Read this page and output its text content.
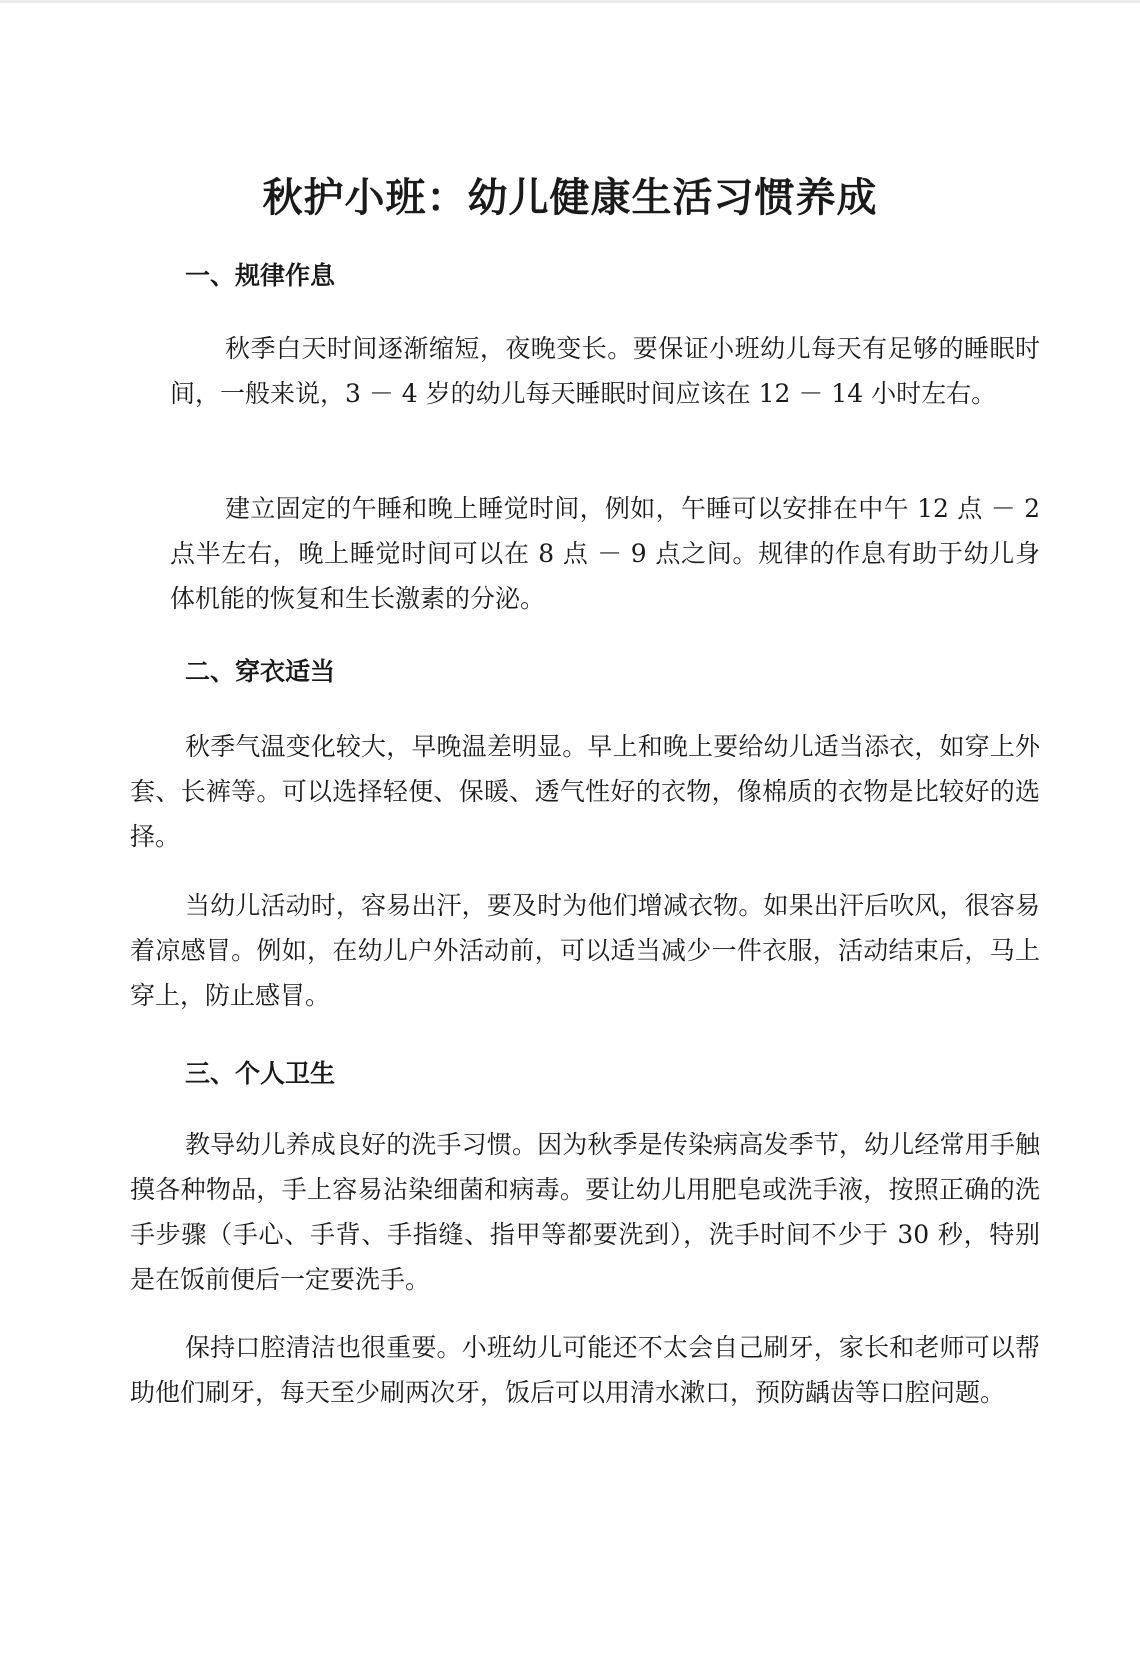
秋护小班：幼儿健康生活习惯养成
一、规律作息

秋季白天时间逐渐缩短，夜晚变长。要保证小班幼儿每天有足够的睡眠时间，一般来说，3 － 4 岁的幼儿每天睡眠时间应该在 12 － 14 小时左右。

建立固定的午睡和晚上睡觉时间，例如，午睡可以安排在中午 12 点 － 2 点半左右，晚上睡觉时间可以在 8 点 － 9 点之间。规律的作息有助于幼儿身体机能的恢复和生长激素的分泌。

二、穿衣适当

秋季气温变化较大，早晚温差明显。早上和晚上要给幼儿适当添衣，如穿上外套、长裤等。可以选择轻便、保暖、透气性好的衣物，像棉质的衣物是比较好的选择。

当幼儿活动时，容易出汗，要及时为他们增减衣物。如果出汗后吹风，很容易着凉感冒。例如，在幼儿户外活动前，可以适当减少一件衣服，活动结束后，马上穿上，防止感冒。

三、个人卫生

教导幼儿养成良好的洗手习惯。因为秋季是传染病高发季节，幼儿经常用手触摸各种物品，手上容易沾染细菌和病毒。要让幼儿用肥皂或洗手液，按照正确的洗手步骤（手心、手背、手指缝、指甲等都要洗到），洗手时间不少于 30 秒，特别是在饭前便后一定要洗手。

保持口腔清洁也很重要。小班幼儿可能还不太会自己刷牙，家长和老师可以帮助他们刷牙，每天至少刷两次牙，饭后可以用清水漱口，预防龋齿等口腔问题。
